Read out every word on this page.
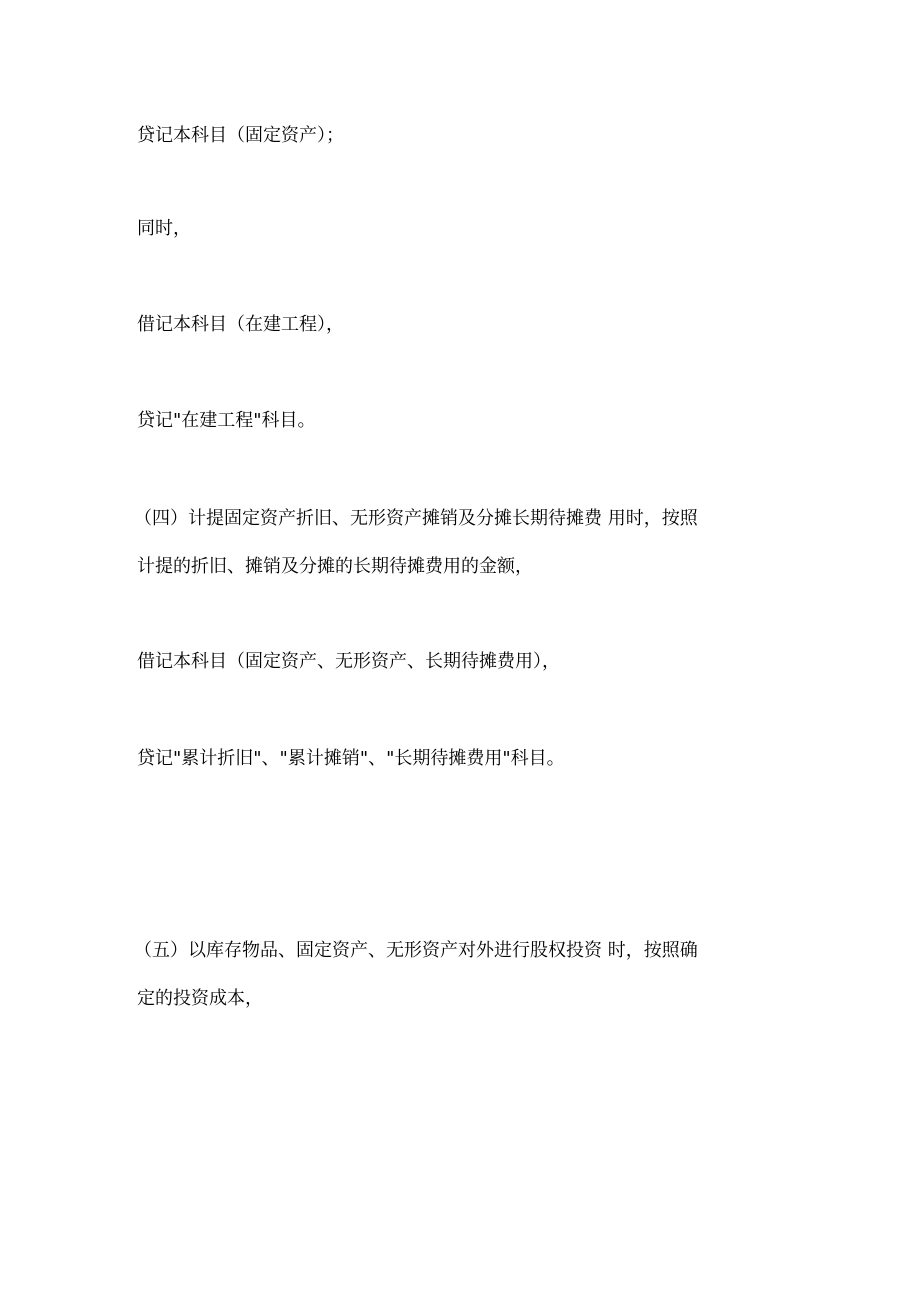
贷记本科目（固定资产）；
同时，
借记本科目（在建工程），
贷记"在建工程"科目。
（四）计提固定资产折旧、无形资产摊销及分摊长期待摊费 用时，按照
计提的折旧、摊销及分摊的长期待摊费用的金额，
借记本科目（固定资产、无形资产、长期待摊费用），
贷记"累计折旧"、"累计摊销"、"长期待摊费用"科目。
（五）以库存物品、固定资产、无形资产对外进行股权投资 时，按照确
定的投资成本，
